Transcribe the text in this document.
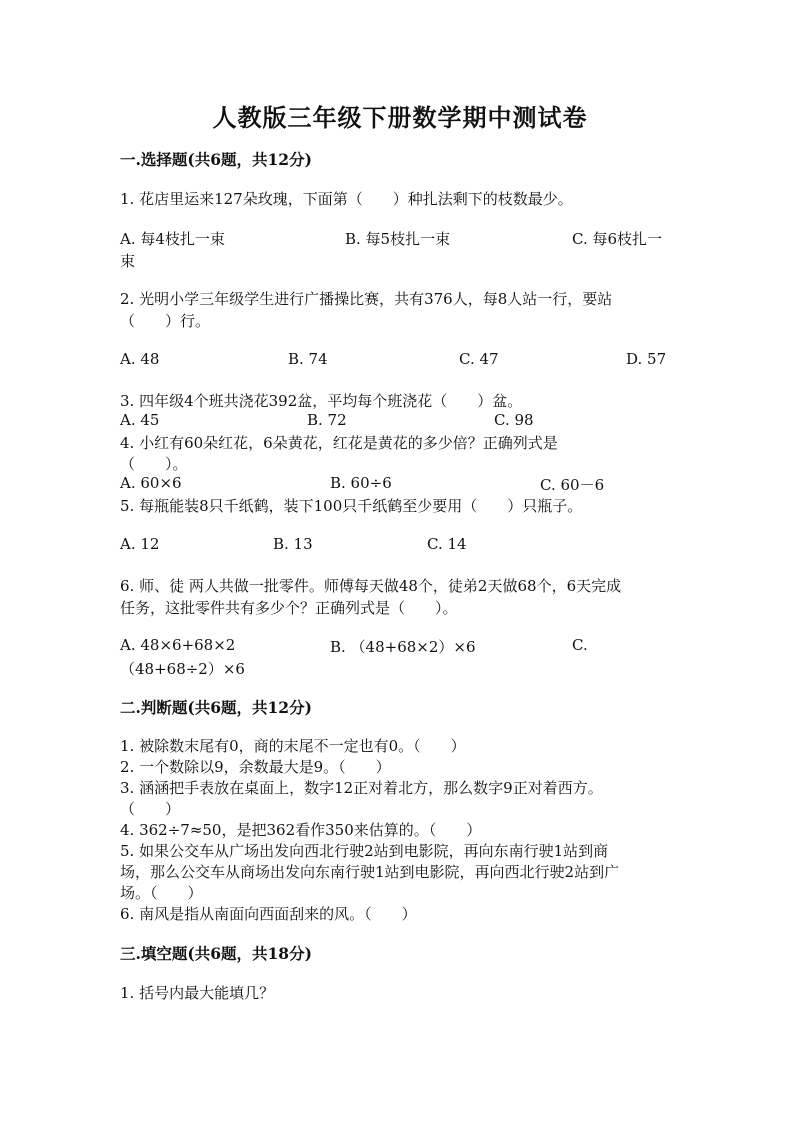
人教版三年级下册数学期中测试卷
一.选择题(共6题，共12分)
1. 花店里运来127朵玫瑰，下面第（　　）种扎法剩下的枝数最少。
A. 每4枝扎一束	B. 每5枝扎一束	C. 每6枝扎一
束
2. 光明小学三年级学生进行广播操比赛，共有376人，每8人站一行，要站
（　　）行。
A. 48	B. 74	C. 47	D. 57
3. 四年级4个班共浇花392盆，平均每个班浇花（　　）盆。
A. 45	B. 72	C. 98
4. 小红有60朵红花，6朵黄花，红花是黄花的多少倍？正确列式是
（　　）。
A. 60×6	B. 60÷6	C. 60－6
5. 每瓶能装8只千纸鹤，装下100只千纸鹤至少要用（　　）只瓶子。
A. 12	B. 13	C. 14
6. 师、徒 两人共做一批零件。师傅每天做48个，徒弟2天做68个，6天完成
任务，这批零件共有多少个？正确列式是（　　）。
A. 48×6+68×2	B. （48+68×2）×6	C.
（48+68÷2）×6
二.判断题(共6题，共12分)
1. 被除数末尾有0，商的末尾不一定也有0。（　　）
2. 一个数除以9，余数最大是9。（　　）
3. 涵涵把手表放在桌面上，数字12正对着北方，那么数字9正对着西方。
（　　）
4. 362÷7≈50，是把362看作350来估算的。（　　）
5. 如果公交车从广场出发向西北行驶2站到电影院，再向东南行驶1站到商
场，那么公交车从商场出发向东南行驶1站到电影院，再向西北行驶2站到广
场。（　　）
6. 南风是指从南面向西面刮来的风。（　　）
三.填空题(共6题，共18分)
1. 括号内最大能填几？
